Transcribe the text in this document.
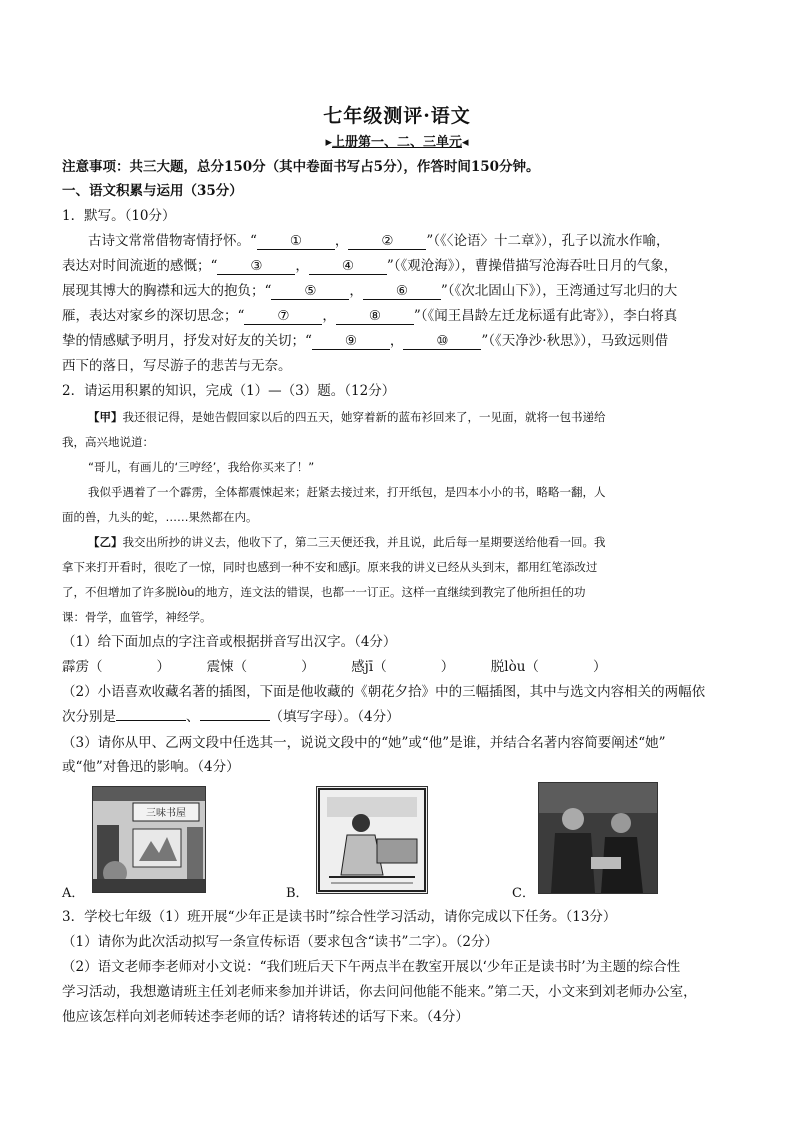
七年级测评·语文
▸上册第一、二、三单元◂
注意事项：共三大题，总分150分（其中卷面书写占5分），作答时间150分钟。
一、语文积累与运用（35分）
1．默写。（10分）
古诗文常常借物寄情抒怀。“ ① ， ② ”（《〈论语〉十二章》），孔子以流水作喻，
表达对时间流逝的感慨；“ ③ ， ④ ”（《观沧海》），曹操借描写沧海吞吐日月的气象，
展现其博大的胸襟和远大的抱负；“ ⑤ ， ⑥ ”（《次北固山下》），王湾通过写北归的大
雁，表达对家乡的深切思念；“ ⑦ ， ⑧ ”（《闻王昌龄左迁龙标遥有此寄》），李白将真
挚的情感赋予明月，抒发对好友的关切；“ ⑨ ， ⑩ ”（《天净沙·秋思》），马致远则借
西下的落日，写尽游子的悲苦与无奈。
2．请运用积累的知识，完成（1）—（3）题。（12分）
【甲】我还很记得，是她告假回家以后的四五天，她穿着新的蓝布衫回来了，一见面，就将一包书递给
我，高兴地说道：
“哥儿，有画儿的‘三哼经’，我给你买来了！”
我似乎遇着了一个霹雳，全体都震悚起来；赶紧去接过来，打开纸包，是四本小小的书，略略一翻，人
面的兽，九头的蛇，……果然都在内。
【乙】我交出所抄的讲义去，他收下了，第二三天便还我，并且说，此后每一星期要送给他看一回。我
拿下来打开看时，很吃了一惊，同时也感到一种不安和感jī。原来我的讲义已经从头到末，都用红笔添改过
了，不但增加了许多脱lòu的地方，连文法的错误，也都一一订正。这样一直继续到教完了他所担任的功
课：骨学，血管学，神经学。
（1）给下面加点的字注音或根据拼音写出汉字。（4分）
霹雳（	）	震悚（	）	感jī（	）	脱lòu（	）
（2）小语喜欢收藏名著的插图，下面是他收藏的《朝花夕拾》中的三幅插图，其中与选文内容相关的两幅依
次分别是	、	（填写字母）。（4分）
（3）请你从甲、乙两文段中任选其一，说说文段中的“她”或“他”是谁，并结合名著内容简要阐述“她”
或“他”对鲁迅的影响。（4分）
A．
三味书屋
B．	C．
3．学校七年级（1）班开展“少年正是读书时”综合性学习活动，请你完成以下任务。（13分）
（1）请你为此次活动拟写一条宣传标语（要求包含“读书”二字）。（2分）
（2）语文老师李老师对小文说：“我们班后天下午两点半在教室开展以‘少年正是读书时’为主题的综合性
学习活动，我想邀请班主任刘老师来参加并讲话，你去问问他能不能来。”第二天，小文来到刘老师办公室，
他应该怎样向刘老师转述李老师的话？请将转述的话写下来。（4分）
